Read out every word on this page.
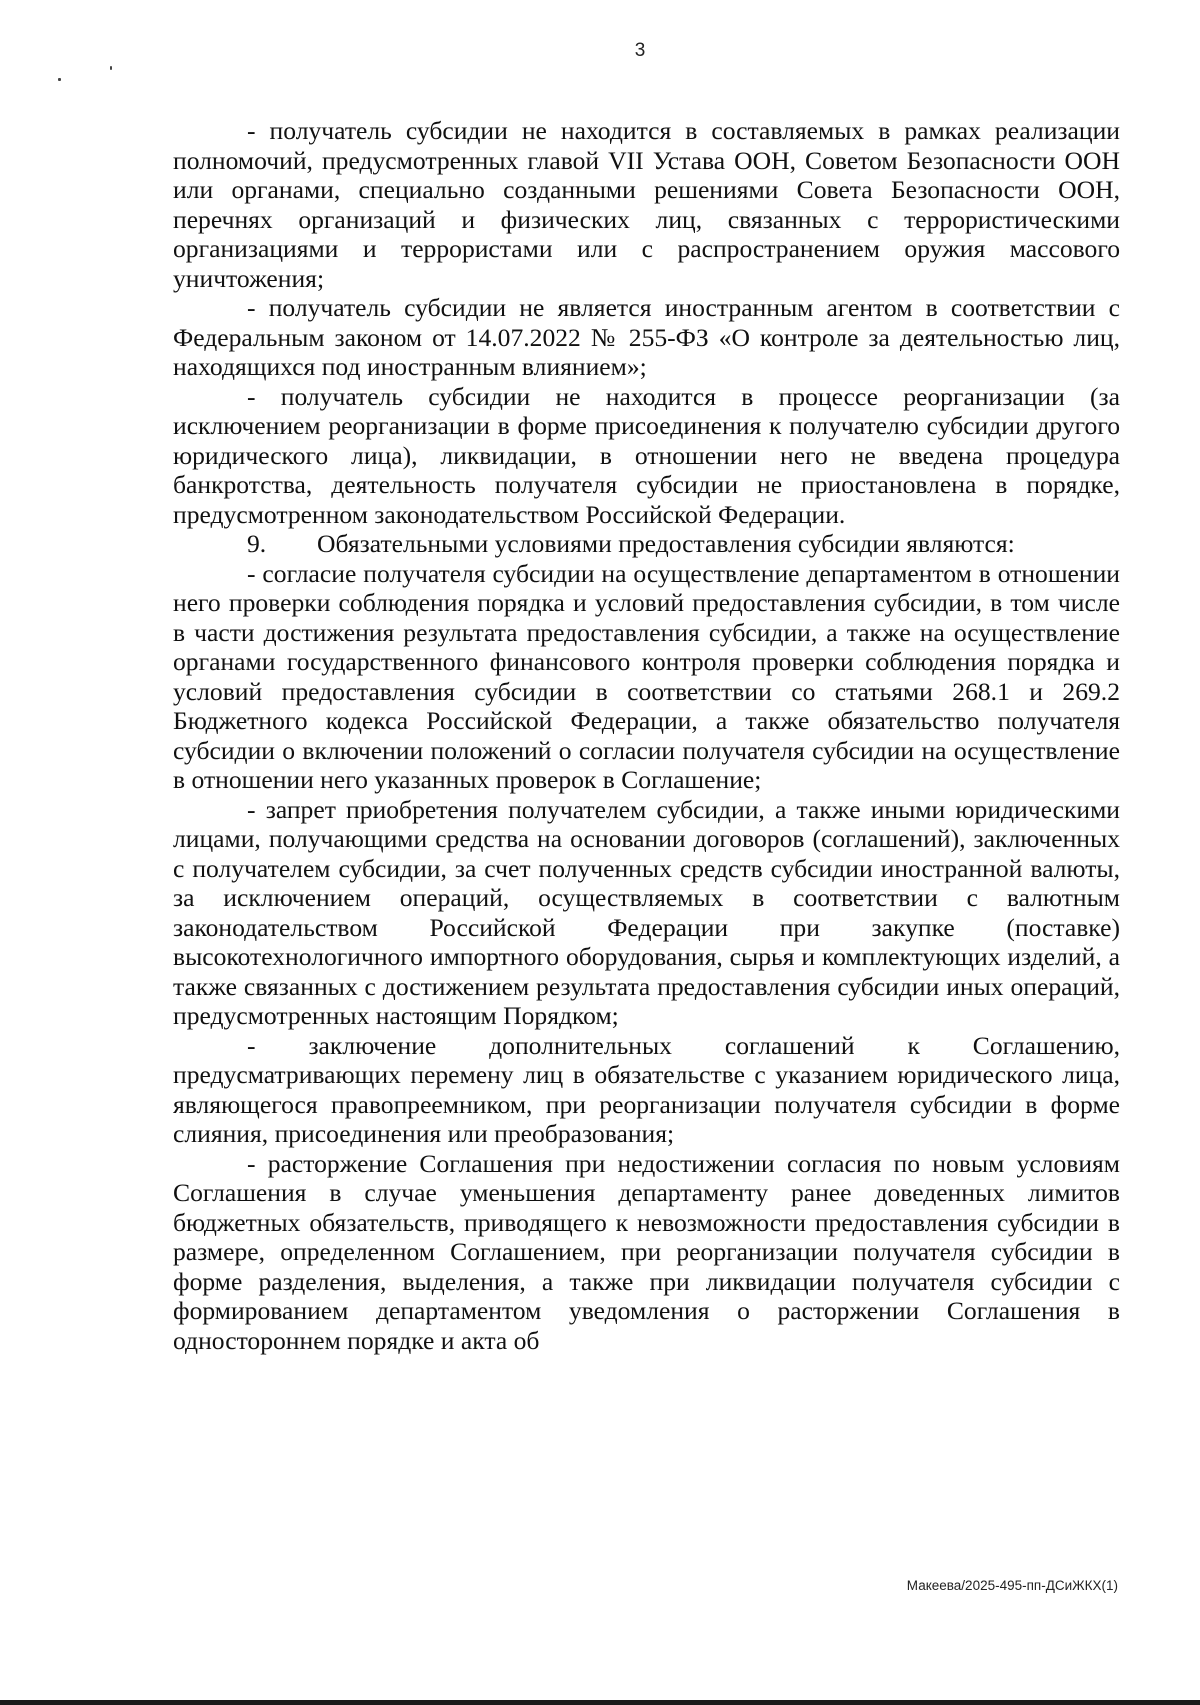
3

- получатель субсидии не находится в составляемых в рамках реализации полномочий, предусмотренных главой VII Устава ООН, Советом Безопасности ООН или органами, специально созданными решениями Совета Безопасности ООН, перечнях организаций и физических лиц, связанных с террористическими организациями и террористами или с распространением оружия массового уничтожения;

- получатель субсидии не является иностранным агентом в соответствии с Федеральным законом от 14.07.2022 № 255-ФЗ «О контроле за деятельностью лиц, находящихся под иностранным влиянием»;

- получатель субсидии не находится в процессе реорганизации (за исключением реорганизации в форме присоединения к получателю субсидии другого юридического лица), ликвидации, в отношении него не введена процедура банкротства, деятельность получателя субсидии не приостановлена в порядке, предусмотренном законодательством Российской Федерации.

9. Обязательными условиями предоставления субсидии являются:

- согласие получателя субсидии на осуществление департаментом в отношении него проверки соблюдения порядка и условий предоставления субсидии, в том числе в части достижения результата предоставления субсидии, а также на осуществление органами государственного финансового контроля проверки соблюдения порядка и условий предоставления субсидии в соответствии со статьями 268.1 и 269.2 Бюджетного кодекса Российской Федерации, а также обязательство получателя субсидии о включении положений о согласии получателя субсидии на осуществление в отношении него указанных проверок в Соглашение;

- запрет приобретения получателем субсидии, а также иными юридическими лицами, получающими средства на основании договоров (соглашений), заключенных с получателем субсидии, за счет полученных средств субсидии иностранной валюты, за исключением операций, осуществляемых в соответствии с валютным законодательством Российской Федерации при закупке (поставке) высокотехнологичного импортного оборудования, сырья и комплектующих изделий, а также связанных с достижением результата предоставления субсидии иных операций, предусмотренных настоящим Порядком;

- заключение дополнительных соглашений к Соглашению, предусматривающих перемену лиц в обязательстве с указанием юридического лица, являющегося правопреемником, при реорганизации получателя субсидии в форме слияния, присоединения или преобразования;

- расторжение Соглашения при недостижении согласия по новым условиям Соглашения в случае уменьшения департаменту ранее доведенных лимитов бюджетных обязательств, приводящего к невозможности предоставления субсидии в размере, определенном Соглашением, при реорганизации получателя субсидии в форме разделения, выделения, а также при ликвидации получателя субсидии с формированием департаментом уведомления о расторжении Соглашения в одностороннем порядке и акта об

Макеева/2025-495-пп-ДСиЖКХ(1)
